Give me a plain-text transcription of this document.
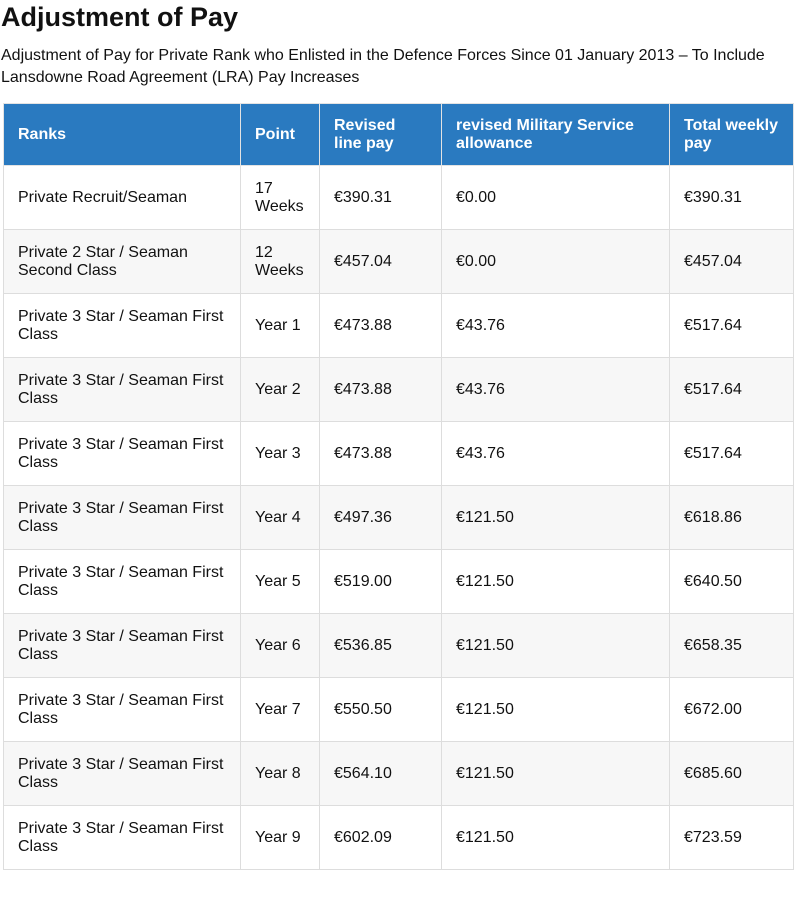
Adjustment of Pay

Adjustment of Pay for Private Rank who Enlisted in the Defence Forces Since 01 January 2013 – To Include Lansdowne Road Agreement (LRA) Pay Increases

Ranks	Point	Revised line pay	revised Military Service allowance	Total weekly pay
Private Recruit/Seaman	17 Weeks	€390.31	€0.00	€390.31
Private 2 Star / Seaman Second Class	12 Weeks	€457.04	€0.00	€457.04
Private 3 Star / Seaman First Class	Year 1	€473.88	€43.76	€517.64
Private 3 Star / Seaman First Class	Year 2	€473.88	€43.76	€517.64
Private 3 Star / Seaman First Class	Year 3	€473.88	€43.76	€517.64
Private 3 Star / Seaman First Class	Year 4	€497.36	€121.50	€618.86
Private 3 Star / Seaman First Class	Year 5	€519.00	€121.50	€640.50
Private 3 Star / Seaman First Class	Year 6	€536.85	€121.50	€658.35
Private 3 Star / Seaman First Class	Year 7	€550.50	€121.50	€672.00
Private 3 Star / Seaman First Class	Year 8	€564.10	€121.50	€685.60
Private 3 Star / Seaman First Class	Year 9	€602.09	€121.50	€723.59
